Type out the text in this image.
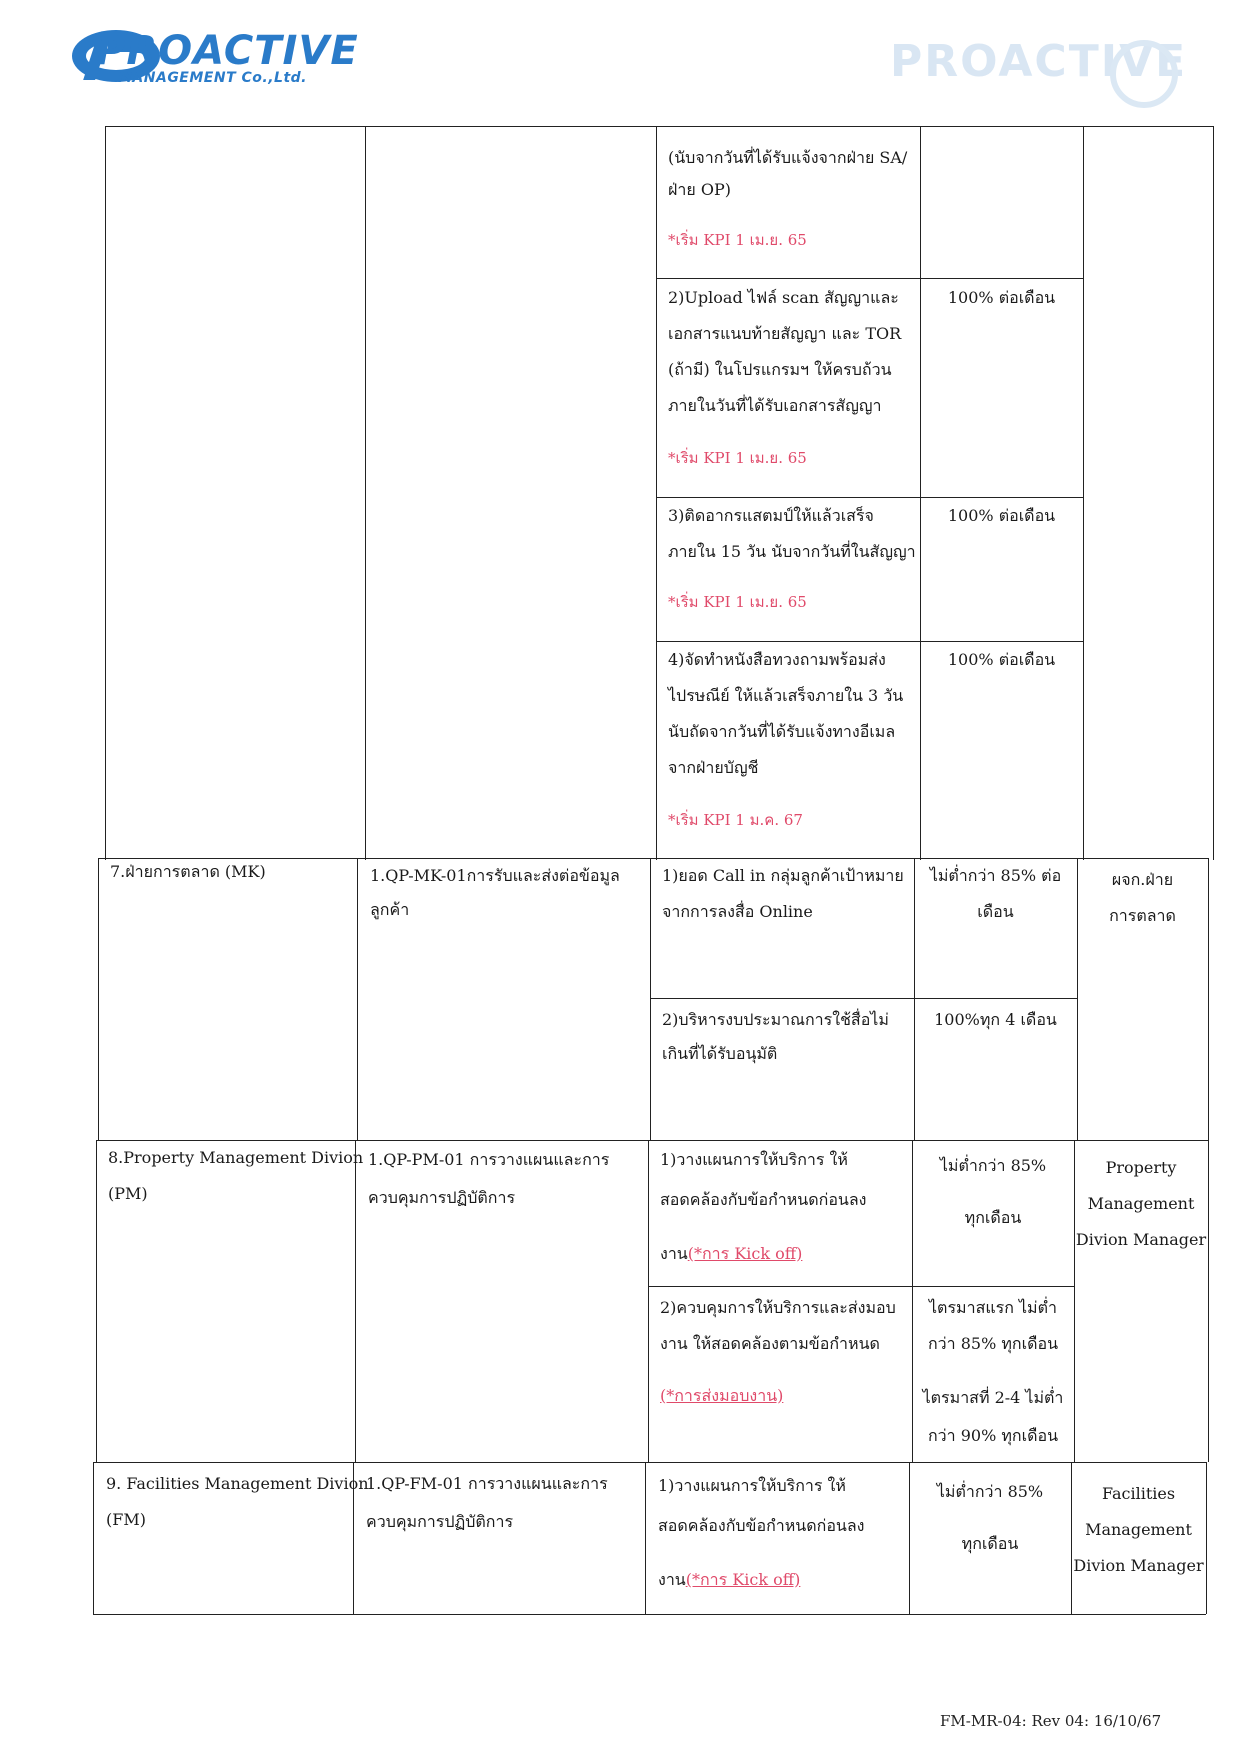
PROACTIVE
MANAGEMENT Co.,Ltd.	PROACTIVE
(นับจากวันที่ได้รับแจ้งจากฝ่าย SA/
ฝ่าย OP)
*เริ่ม KPI 1 เม.ย. 65
2)Upload ไฟล์ scan สัญญาและ
เอกสารแนบท้ายสัญญา และ TOR
(ถ้ามี) ในโปรแกรมฯ ให้ครบถ้วน
ภายในวันที่ได้รับเอกสารสัญญา
*เริ่ม KPI 1 เม.ย. 65
100% ต่อเดือน
3)ติดอากรแสตมป์ให้แล้วเสร็จ
ภายใน 15 วัน นับจากวันที่ในสัญญา
*เริ่ม KPI 1 เม.ย. 65
100% ต่อเดือน
4)จัดทำหนังสือทวงถามพร้อมส่ง
ไปรษณีย์ ให้แล้วเสร็จภายใน 3 วัน
นับถัดจากวันที่ได้รับแจ้งทางอีเมล
จากฝ่ายบัญชี
*เริ่ม KPI 1 ม.ค. 67
100% ต่อเดือน
7.ฝ่ายการตลาด (MK)	1.QP-MK-01การรับและส่งต่อข้อมูล
ลูกค้า
1)ยอด Call in กลุ่มลูกค้าเป้าหมาย
จากการลงสื่อ Online
ไม่ต่ำกว่า 85% ต่อ
เดือน
2)บริหารงบประมาณการใช้สื่อไม่
เกินที่ได้รับอนุมัติ
100%ทุก 4 เดือน
ผจก.ฝ่าย
การตลาด
8.Property Management Divion
(PM)
1.QP-PM-01 การวางแผนและการ
ควบคุมการปฏิบัติการ
1)วางแผนการให้บริการ ให้
สอดคล้องกับข้อกำหนดก่อนลง
งาน(*การ Kick off)
ไม่ต่ำกว่า 85%
ทุกเดือน
2)ควบคุมการให้บริการและส่งมอบ
งาน ให้สอดคล้องตามข้อกำหนด
(*การส่งมอบงาน)
ไตรมาสแรก ไม่ต่ำ
กว่า 85% ทุกเดือน
ไตรมาสที่ 2-4 ไม่ต่ำ
กว่า 90% ทุกเดือน
Property
Management
Divion Manager
9. Facilities Management Divion
(FM)
1.QP-FM-01 การวางแผนและการ
ควบคุมการปฏิบัติการ
1)วางแผนการให้บริการ ให้
สอดคล้องกับข้อกำหนดก่อนลง
งาน(*การ Kick off)
ไม่ต่ำกว่า 85%
ทุกเดือน
Facilities
Management
Divion Manager
FM-MR-04: Rev 04: 16/10/67
